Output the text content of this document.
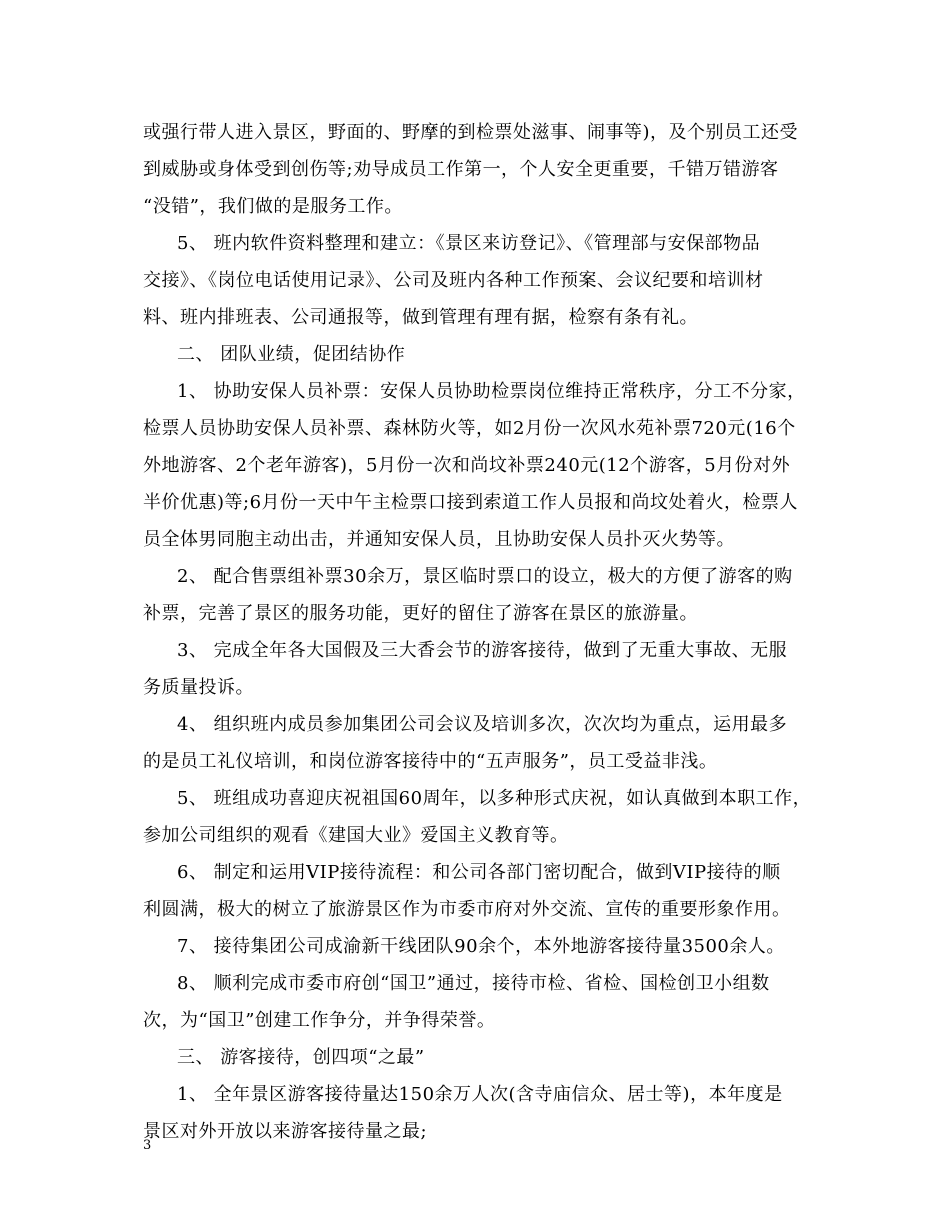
或强行带人进入景区，野面的、野摩的到检票处滋事、闹事等)，及个别员工还受
到威胁或身体受到创伤等;劝导成员工作第一，个人安全更重要，千错万错游客
“没错”，我们做的是服务工作。
5、 班内软件资料整理和建立：《景区来访登记》、《管理部与安保部物品
交接》、《岗位电话使用记录》、公司及班内各种工作预案、会议纪要和培训材
料、班内排班表、公司通报等，做到管理有理有据，检察有条有礼。
二、 团队业绩，促团结协作
1、 协助安保人员补票：安保人员协助检票岗位维持正常秩序，分工不分家，
检票人员协助安保人员补票、森林防火等，如2月份一次风水苑补票720元(16个
外地游客、2个老年游客)，5月份一次和尚坟补票240元(12个游客，5月份对外
半价优惠)等;6月份一天中午主检票口接到索道工作人员报和尚坟处着火，检票人
员全体男同胞主动出击，并通知安保人员，且协助安保人员扑灭火势等。
2、 配合售票组补票30余万，景区临时票口的设立，极大的方便了游客的购
补票，完善了景区的服务功能，更好的留住了游客在景区的旅游量。
3、 完成全年各大国假及三大香会节的游客接待，做到了无重大事故、无服
务质量投诉。
4、 组织班内成员参加集团公司会议及培训多次，次次均为重点，运用最多
的是员工礼仪培训，和岗位游客接待中的“五声服务”，员工受益非浅。
5、 班组成功喜迎庆祝祖国60周年，以多种形式庆祝，如认真做到本职工作，
参加公司组织的观看《建国大业》爱国主义教育等。
6、 制定和运用VIP接待流程：和公司各部门密切配合，做到VIP接待的顺
利圆满，极大的树立了旅游景区作为市委市府对外交流、宣传的重要形象作用。
7、 接待集团公司成渝新干线团队90余个，本外地游客接待量3500余人。
8、 顺利完成市委市府创“国卫”通过，接待市检、省检、国检创卫小组数
次，为“国卫”创建工作争分，并争得荣誉。
三、 游客接待，创四项“之最”
1、 全年景区游客接待量达150余万人次(含寺庙信众、居士等)，本年度是
景区对外开放以来游客接待量之最;
3
